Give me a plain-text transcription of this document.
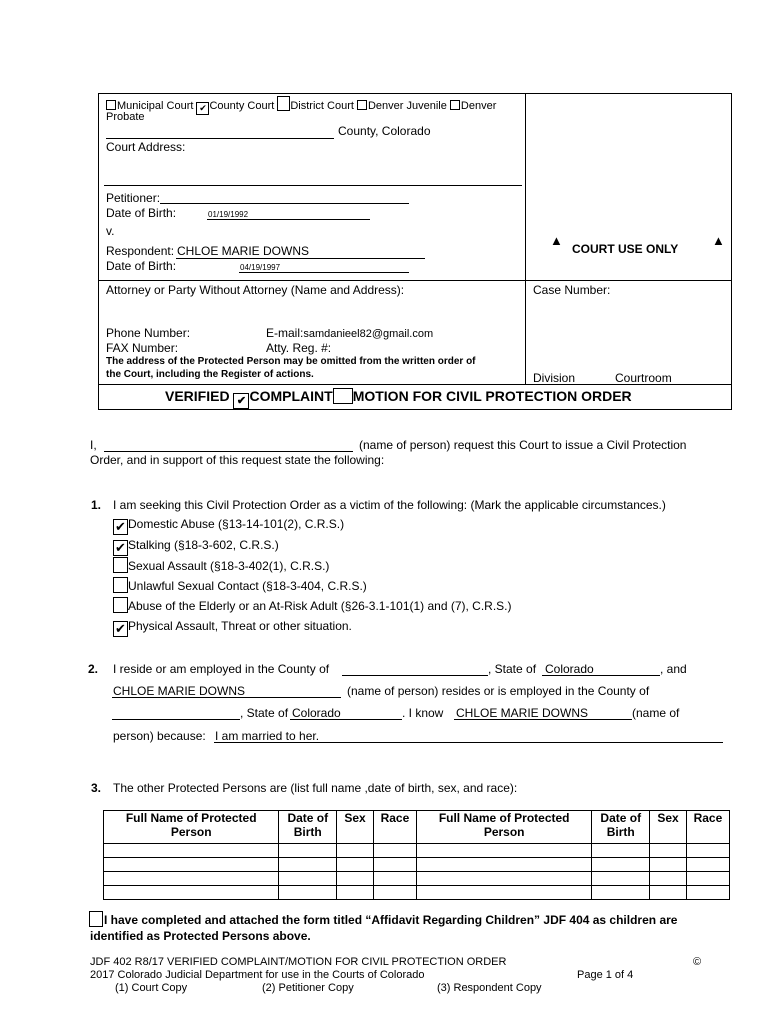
Municipal Court ✔ County Court District Court Denver Juvenile Denver
Probate
County, Colorado
Court Address:
Petitioner:
Date of Birth:	01/19/1992
v.
Respondent: CHLOE MARIE DOWNS
Date of Birth:	04/19/1997
▲
COURT USE ONLY
▲
Attorney or Party Without Attorney (Name and Address):	Case Number:
Phone Number:	E-mail:samdanieel82@gmail.com
FAX Number:	Atty. Reg. #:
The address of the Protected Person may be omitted from the written order of
the Court, including the Register of actions.	Division	Courtroom
VERIFIED ✔ COMPLAINT MOTION FOR CIVIL PROTECTION ORDER
I,	(name of person) request this Court to issue a Civil Protection
Order, and in support of this request state the following:
1. I am seeking this Civil Protection Order as a victim of the following: (Mark the applicable circumstances.)
✔ Domestic Abuse (§13-14-101(2), C.R.S.)
✔ Stalking (§18-3-602, C.R.S.)
Sexual Assault (§18-3-402(1), C.R.S.)
Unlawful Sexual Contact (§18-3-404, C.R.S.)
Abuse of the Elderly or an At-Risk Adult (§26-3.1-101(1) and (7), C.R.S.)
✔ Physical Assault, Threat or other situation.
2. I reside or am employed in the County of	, State of Colorado	, and
CHLOE MARIE DOWNS	(name of person) resides or is employed in the County of
, State of Colorado	. I know CHLOE MARIE DOWNS	(name of
person) because: I am married to her.
3. The other Protected Persons are (list full name ,date of birth, sex, and race):
Full Name of Protected Person	Date of Birth	Sex	Race	Full Name of Protected Person	Date of Birth	Sex	Race

I have completed and attached the form titled “Affidavit Regarding Children” JDF 404 as children are
identified as Protected Persons above.
JDF 402 R8/17 VERIFIED COMPLAINT/MOTION FOR CIVIL PROTECTION ORDER	©
2017 Colorado Judicial Department for use in the Courts of Colorado	Page 1 of 4
(1) Court Copy	(2) Petitioner Copy	(3) Respondent Copy
